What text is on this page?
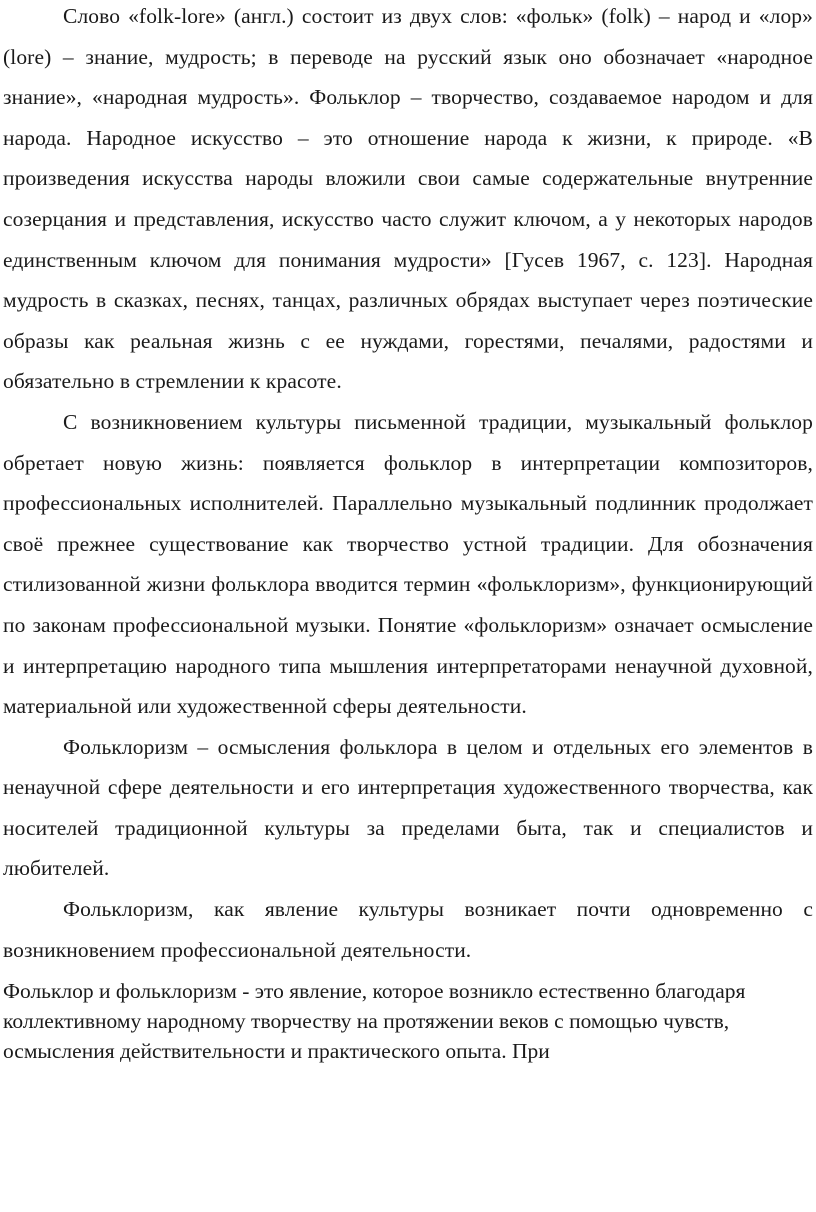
Слово «folk-lore» (англ.) состоит из двух слов: «фольк» (folk) – народ и «лор» (lore) – знание, мудрость; в переводе на русский язык оно обозначает «народное знание», «народная мудрость». Фольклор – творчество, создаваемое народом и для народа. Народное искусство – это отношение народа к жизни, к природе. «В произведения искусства народы вложили свои самые содержательные внутренние созерцания и представления, искусство часто служит ключом, а у некоторых народов единственным ключом для понимания мудрости» [Гусев 1967, с. 123]. Народная мудрость в сказках, песнях, танцах, различных обрядах выступает через поэтические образы как реальная жизнь с ее нуждами, горестями, печалями, радостями и обязательно в стремлении к красоте.

С возникновением культуры письменной традиции, музыкальный фольклор обретает новую жизнь: появляется фольклор в интерпретации композиторов, профессиональных исполнителей. Параллельно музыкальный подлинник продолжает своё прежнее существование как творчество устной традиции. Для обозначения стилизованной жизни фольклора вводится термин «фольклоризм», функционирующий по законам профессиональной музыки. Понятие «фольклоризм» означает осмысление и интерпретацию народного типа мышления интерпретаторами ненаучной духовной, материальной или художественной сферы деятельности.

Фольклоризм – осмысления фольклора в целом и отдельных его элементов в ненаучной сфере деятельности и его интерпретация художественного творчества, как носителей традиционной культуры за пределами быта, так и специалистов и любителей.

Фольклоризм, как явление культуры возникает почти одновременно с возникновением профессиональной деятельности.

Фольклор и фольклоризм - это явление, которое возникло естественно благодаря коллективному народному творчеству на протяжении веков с помощью чувств, осмысления действительности и практического опыта. При
